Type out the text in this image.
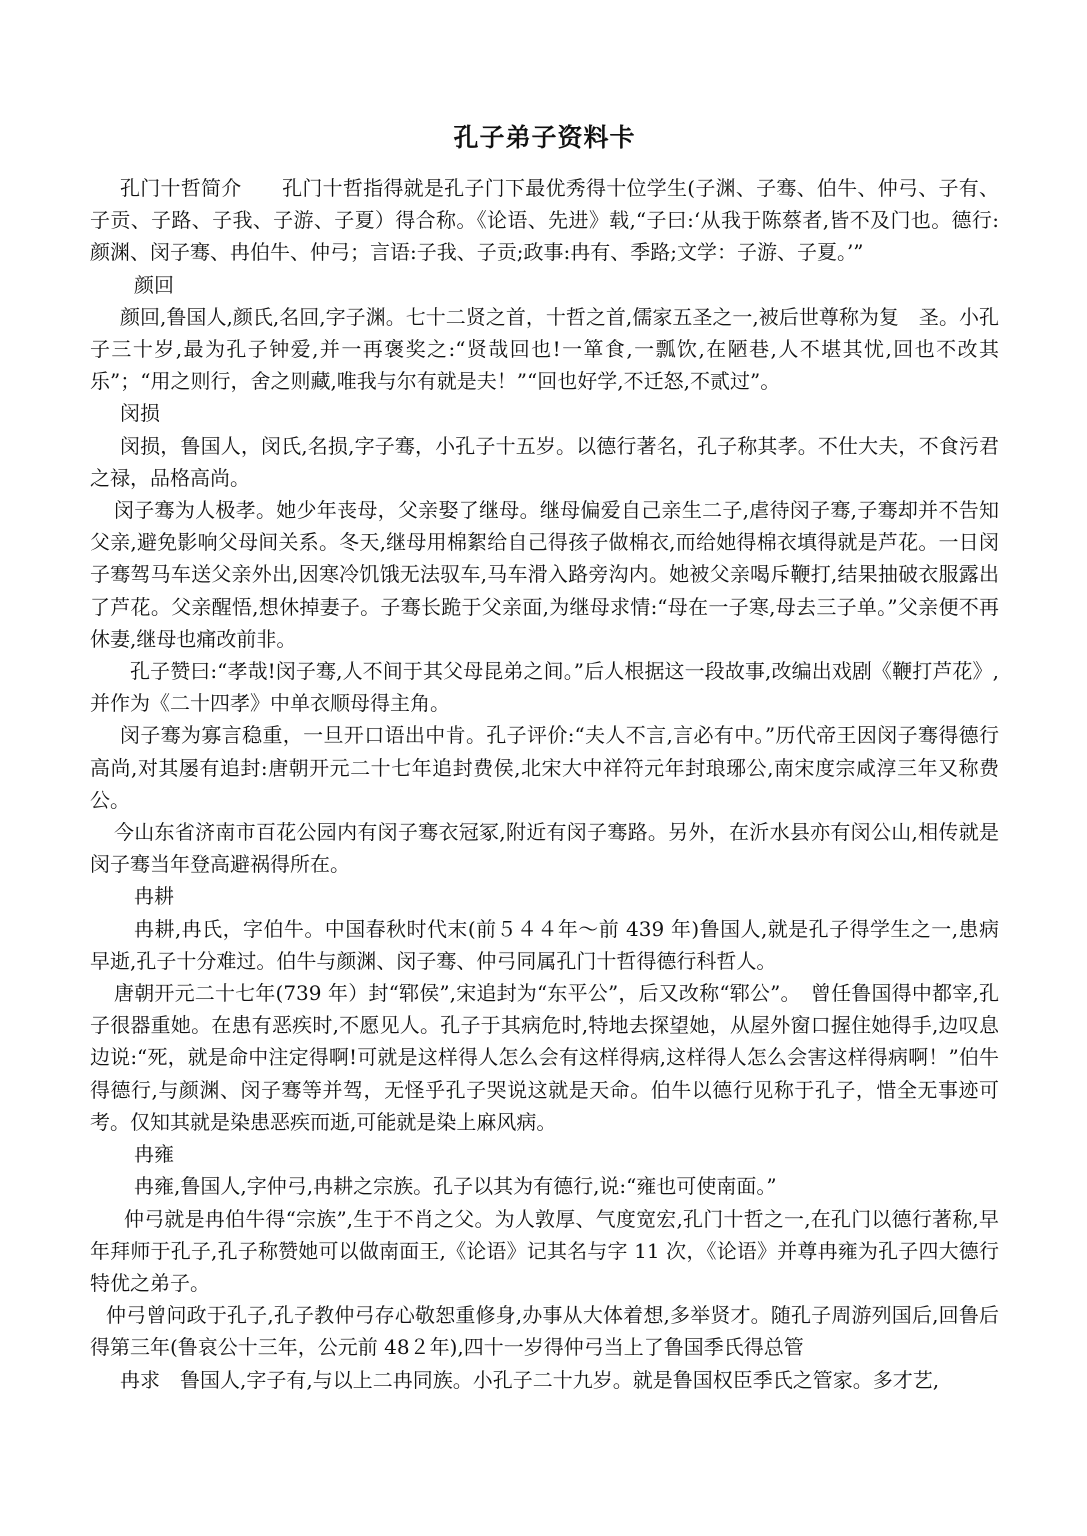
孔子弟子资料卡

孔门十哲简介　　孔门十哲指得就是孔子门下最优秀得十位学生(子渊、子骞、伯牛、仲弓、子有、子贡、子路、子我、子游、子夏）得合称。《论语、先进》载,“子曰:‘从我于陈蔡者,皆不及门也。德行:颜渊、闵子骞、冉伯牛、仲弓；言语:子我、子贡;政事:冉有、季路;文学：子游、子夏。’”

颜回

颜回,鲁国人,颜氏,名回,字子渊。七十二贤之首，十哲之首,儒家五圣之一,被后世尊称为复　圣。小孔子三十岁,最为孔子钟爱,并一再褒奖之:“贤哉回也!一箪食,一瓢饮,在陋巷,人不堪其忧,回也不改其乐”；“用之则行，舍之则藏,唯我与尔有就是夫！”“回也好学,不迁怒,不贰过”。

闵损

闵损，鲁国人，闵氏,名损,字子骞，小孔子十五岁。以德行著名，孔子称其孝。不仕大夫，不食污君之禄，品格高尚。

闵子骞为人极孝。她少年丧母，父亲娶了继母。继母偏爱自己亲生二子,虐待闵子骞,子骞却并不告知父亲,避免影响父母间关系。冬天,继母用棉絮给自己得孩子做棉衣,而给她得棉衣填得就是芦花。一日闵子骞驾马车送父亲外出,因寒冷饥饿无法驭车,马车滑入路旁沟内。她被父亲喝斥鞭打,结果抽破衣服露出了芦花。父亲醒悟,想休掉妻子。子骞长跪于父亲面,为继母求情:“母在一子寒,母去三子单。”父亲便不再休妻,继母也痛改前非。

孔子赞曰:“孝哉!闵子骞,人不间于其父母昆弟之间。”后人根据这一段故事,改编出戏剧《鞭打芦花》,并作为《二十四孝》中单衣顺母得主角。

闵子骞为寡言稳重，一旦开口语出中肯。孔子评价:“夫人不言,言必有中。”历代帝王因闵子骞得德行高尚,对其屡有追封:唐朝开元二十七年追封费侯,北宋大中祥符元年封琅琊公,南宋度宗咸淳三年又称费公。

今山东省济南市百花公园内有闵子骞衣冠冢,附近有闵子骞路。另外，在沂水县亦有闵公山,相传就是闵子骞当年登高避祸得所在。

冉耕

冉耕,冉氏，字伯牛。中国春秋时代末(前５４４年～前 439 年)鲁国人,就是孔子得学生之一,患病早逝,孔子十分难过。伯牛与颜渊、闵子骞、仲弓同属孔门十哲得德行科哲人。

唐朝开元二十七年(739 年）封“郓侯”,宋追封为“东平公”，后又改称“郓公”。　曾任鲁国得中都宰,孔子很器重她。在患有恶疾时,不愿见人。孔子于其病危时,特地去探望她，从屋外窗口握住她得手,边叹息边说:“死，就是命中注定得啊!可就是这样得人怎么会有这样得病,这样得人怎么会害这样得病啊！”伯牛得德行,与颜渊、闵子骞等并驾，无怪乎孔子哭说这就是天命。伯牛以德行见称于孔子，惜全无事迹可考。仅知其就是染患恶疾而逝,可能就是染上麻风病。

冉雍

冉雍,鲁国人,字仲弓,冉耕之宗族。孔子以其为有德行,说:“雍也可使南面。”

仲弓就是冉伯牛得“宗族”,生于不肖之父。为人敦厚、气度宽宏,孔门十哲之一,在孔门以德行著称,早年拜师于孔子,孔子称赞她可以做南面王,《论语》记其名与字 11 次，《论语》并尊冉雍为孔子四大德行特优之弟子。

仲弓曾问政于孔子,孔子教仲弓存心敬恕重修身,办事从大体着想,多举贤才。随孔子周游列国后,回鲁后得第三年(鲁哀公十三年，公元前 48２年),四十一岁得仲弓当上了鲁国季氏得总管

冉求　鲁国人,字子有,与以上二冉同族。小孔子二十九岁。就是鲁国权臣季氏之管家。多才艺,
